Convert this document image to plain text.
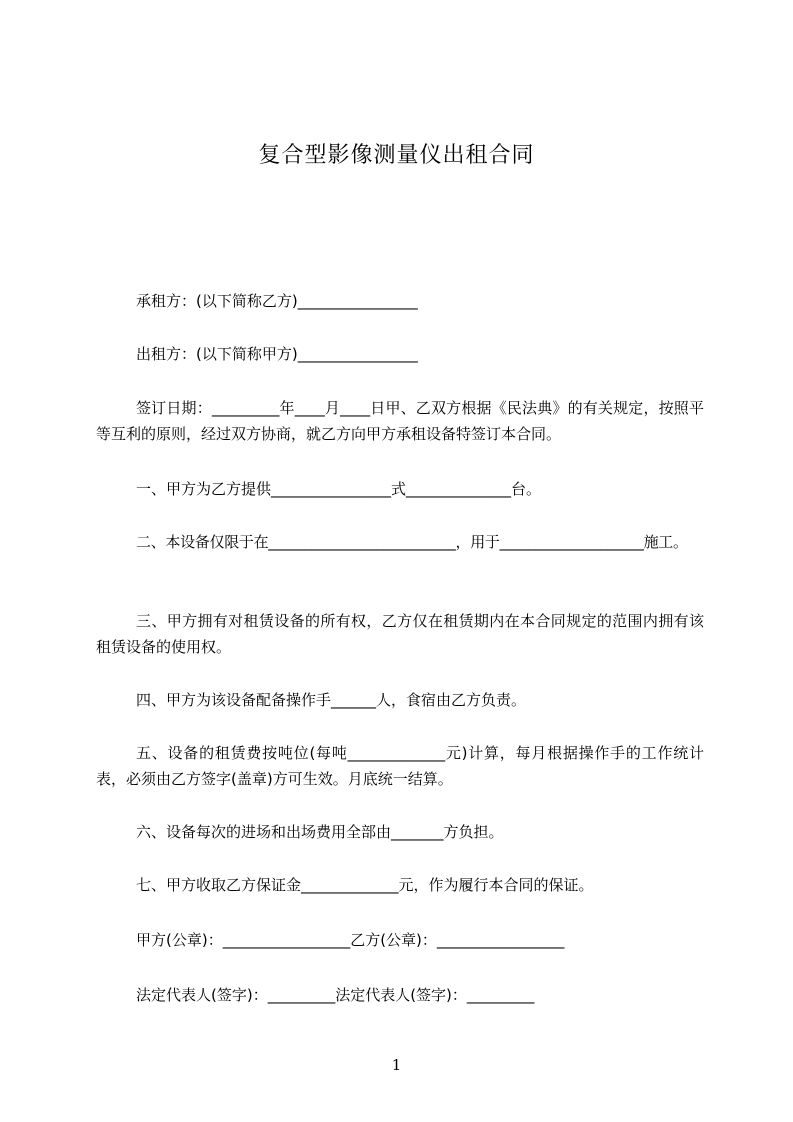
复合型影像测量仪出租合同
承租方：(以下简称乙方)________________
出租方：(以下简称甲方)________________
签订日期：_________年____月____日甲、乙双方根据《民法典》的有关规定，按照平等互利的原则，经过双方协商，就乙方向甲方承租设备特签订本合同。
一、甲方为乙方提供________________式______________台。
二、本设备仅限于在__________________________，用于____________________施工。
三、甲方拥有对租赁设备的所有权，乙方仅在租赁期内在本合同规定的范围内拥有该租赁设备的使用权。
四、甲方为该设备配备操作手______人，食宿由乙方负责。
五、设备的租赁费按吨位(每吨_____________元)计算，每月根据操作手的工作统计表，必须由乙方签字(盖章)方可生效。月底统一结算。
六、设备每次的进场和出场费用全部由_______方负担。
七、甲方收取乙方保证金_____________元，作为履行本合同的保证。
甲方(公章)：_________________乙方(公章)：_________________
法定代表人(签字)：_________法定代表人(签字)：_________
1
